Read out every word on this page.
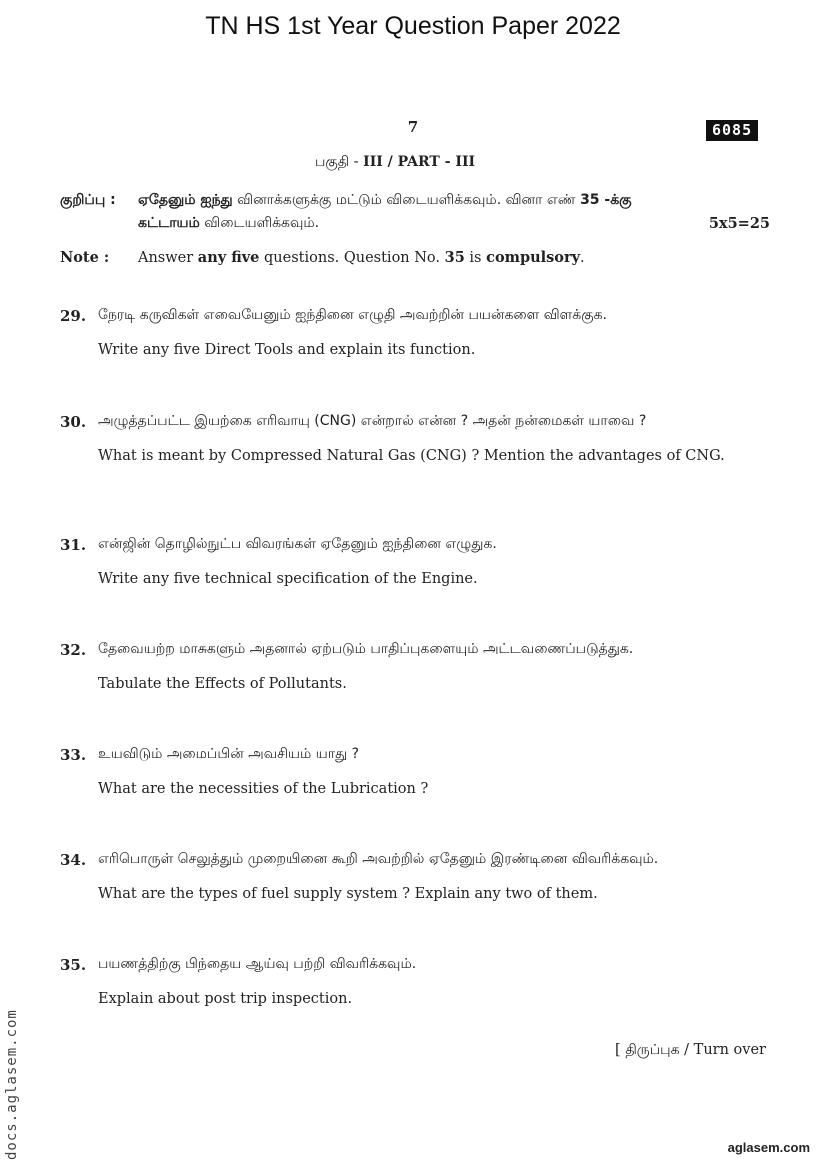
TN HS 1st Year Question Paper 2022
7	6085
பகுதி - III / PART - III
குறிப்பு : ஏதேனும் ஐந்து வினாக்களுக்கு மட்டும் விடையளிக்கவும். வினா எண் 35 -க்கு
கட்டாயம் விடையளிக்கவும்.	5x5=25
Note : Answer any five questions. Question No. 35 is compulsory.
29. நேரடி கருவிகள் எவையேனும் ஐந்தினை எழுதி அவற்றின் பயன்களை விளக்குக.
Write any five Direct Tools and explain its function.
30. அழுத்தப்பட்ட இயற்கை எரிவாயு (CNG) என்றால் என்ன ? அதன் நன்மைகள் யாவை ?
What is meant by Compressed Natural Gas (CNG) ? Mention the advantages of CNG.
31. என்ஜின் தொழில்நுட்ப விவரங்கள் ஏதேனும் ஐந்தினை எழுதுக.
Write any five technical specification of the Engine.
32. தேவையற்ற மாசுகளும் அதனால் ஏற்படும் பாதிப்புகளையும் அட்டவணைப்படுத்துக.
Tabulate the Effects of Pollutants.
33. உயவிடும் அமைப்பின் அவசியம் யாது ?
What are the necessities of the Lubrication ?
34. எரிபொருள் செலுத்தும் முறையினை கூறி அவற்றில் ஏதேனும் இரண்டினை விவரிக்கவும்.
What are the types of fuel supply system ? Explain any two of them.
35. பயணத்திற்கு பிந்தைய ஆய்வு பற்றி விவரிக்கவும்.
Explain about post trip inspection.
[ திருப்புக / Turn over
docs.aglasem.com	aglasem.com
